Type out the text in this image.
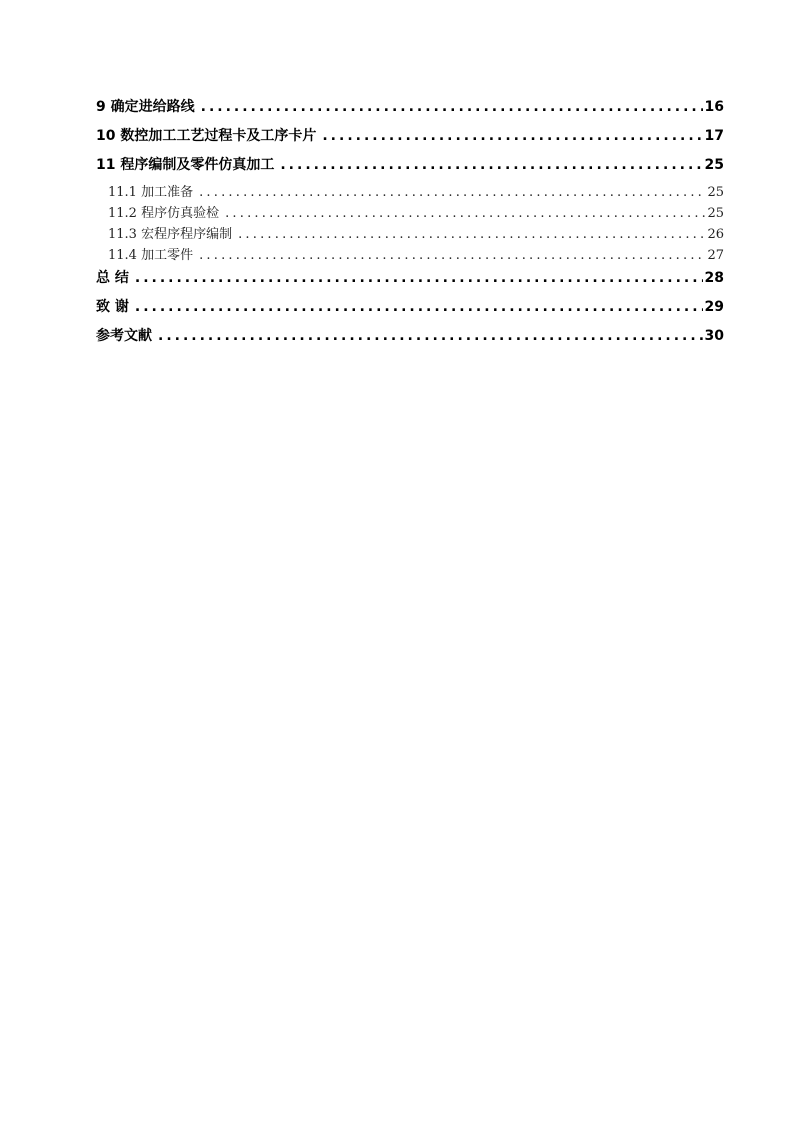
9 确定进给路线 .....	16
10 数控加工工艺过程卡及工序卡片 .....	17
11 程序编制及零件仿真加工 .....	25
11.1 加工准备 .....	25
11.2 程序仿真验检 .....	25
11.3 宏程序程序编制 .....	26
11.4 加工零件 .....	27
总 结 .....	28
致 谢 .....	29
参考文献 .....	30
